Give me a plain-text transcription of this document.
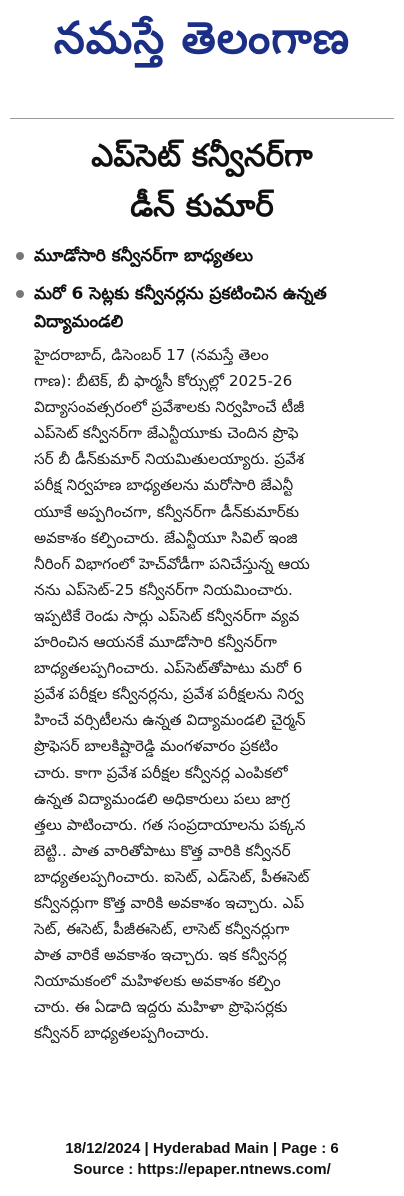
నమస్తే తెలంగాణ
ఎప్‌సెట్ కన్వీనర్‌గా
డీన్ కుమార్
మూడోసారి కన్వీనర్‌గా బాధ్యతలు
మరో 6 సెట్లకు కన్వీనర్లను ప్రకటించిన ఉన్నత విద్యామండలి
హైదరాబాద్, డిసెంబర్ 17 (నమస్తే తెలం
గాణ): బీటెక్, బీ ఫార్మసీ కోర్సుల్లో 2025-26
విద్యాసంవత్సరంలో ప్రవేశాలకు నిర్వహించే టీజీ
ఎప్‌సెట్ కన్వీనర్‌గా జేఎన్టీయూకు చెందిన ప్రొఫె
సర్ బీ డీన్‌కుమార్ నియమితులయ్యారు. ప్రవేశ
పరీక్ష నిర్వహణ బాధ్యతలను మరోసారి జేఎన్టీ
యూకే అప్పగించగా, కన్వీనర్‌గా డీన్‌కుమార్‌కు
అవకాశం కల్పించారు. జేఎన్టీయూ సివిల్ ఇంజి
నీరింగ్ విభాగంలో హెచ్‌వోడీగా పనిచేస్తున్న ఆయ
నను ఎప్‌సెట్-25 కన్వీనర్‌గా నియమించారు.
ఇప్పటికే రెండు సార్లు ఎప్‌సెట్ కన్వీనర్‌గా వ్యవ
హరించిన ఆయనకే మూడోసారి కన్వీనర్‌గా
బాధ్యతలప్పగించారు. ఎప్‌సెట్‌తోపాటు మరో 6
ప్రవేశ పరీక్షల కన్వీనర్లను, ప్రవేశ పరీక్షలను నిర్వ
హించే వర్సిటీలను ఉన్నత విద్యామండలి చైర్మన్
ప్రొఫెసర్ బాలకిష్టారెడ్డి మంగళవారం ప్రకటిం
చారు. కాగా ప్రవేశ పరీక్షల కన్వీనర్ల ఎంపికలో
ఉన్నత విద్యామండలి అధికారులు పలు జాగ్ర
త్తలు పాటించారు. గత సంప్రదాయాలను పక్కన
బెట్టి.. పాత వారితోపాటు కొత్త వారికి కన్వీనర్
బాధ్యతలప్పగించారు. ఐసెట్, ఎడ్‌సెట్, పీఈసెట్
కన్వీనర్లుగా కొత్త వారికి అవకాశం ఇచ్చారు. ఎప్
సెట్, ఈసెట్, పీజీఈసెట్, లాసెట్ కన్వీనర్లుగా
పాత వారికే అవకాశం ఇచ్చారు. ఇక కన్వీనర్ల
నియామకంలో మహిళలకు అవకాశం కల్పిం
చారు. ఈ ఏడాది ఇద్దరు మహిళా ప్రొఫెసర్లకు
కన్వీనర్ బాధ్యతలప్పగించారు.
18/12/2024 | Hyderabad Main | Page : 6
Source : https://epaper.ntnews.com/
